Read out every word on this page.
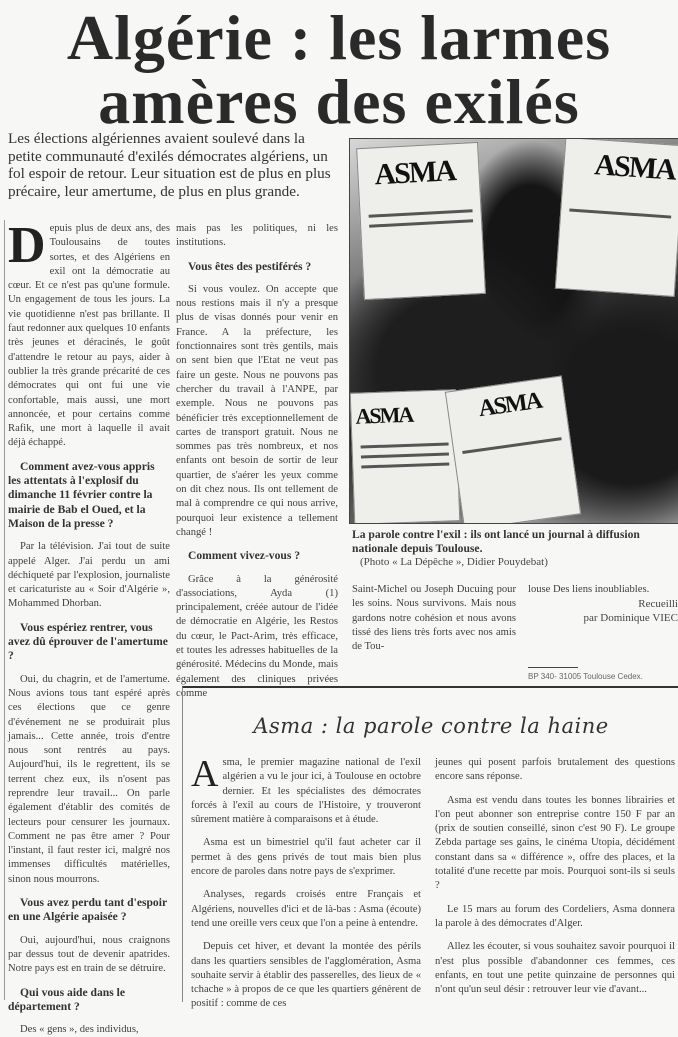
Algérie : les larmes
amères des exilés
Les élections algériennes avaient soulevé dans la petite communauté d'exilés démocrates algériens, un fol espoir de retour. Leur situation est de plus en plus précaire, leur amertume, de plus en plus grande.

Depuis plus de deux ans, des Toulousains de toutes sortes, et des Algériens en exil ont la démocratie au cœur. Et ce n'est pas qu'une formule. Un engagement de tous les jours. La vie quotidienne n'est pas brillante. Il faut redonner aux quelques 10 enfants très jeunes et déracinés, le goût d'attendre le retour au pays, aider à oublier la très grande précarité de ces démocrates qui ont fui une vie confortable, mais aussi, une mort annoncée, et pour certains comme Rafik, une mort à laquelle il avait déjà échappé.

Comment avez-vous appris les attentats à l'explosif du dimanche 11 février contre la mairie de Bab el Oued, et la Maison de la presse ?

Par la télévision. J'ai tout de suite appelé Alger. J'ai perdu un ami déchiqueté par l'explosion, journaliste et caricaturiste au « Soir d'Algérie », Mohammed Dhorban.

Vous espériez rentrer, vous avez dû éprouver de l'amertume ?

Oui, du chagrin, et de l'amertume. Nous avions tous tant espéré après ces élections que ce genre d'événement ne se produirait plus jamais... Cette année, trois d'entre nous sont rentrés au pays. Aujourd'hui, ils le regrettent, ils se terrent chez eux, ils n'osent pas reprendre leur travail... On parle également d'établir des comités de lecteurs pour censurer les journaux. Comment ne pas être amer ? Pour l'instant, il faut rester ici, malgré nos immenses difficultés matérielles, sinon nous mourrons.

Vous avez perdu tant d'espoir en une Algérie apaisée ?

Oui, aujourd'hui, nous craignons par dessus tout de devenir apatrides. Notre pays est en train de se détruire.

Qui vous aide dans le département ?

Des « gens », des individus,

mais pas les politiques, ni les institutions.

Vous êtes des pestiférés ?

Si vous voulez. On accepte que nous restions mais il n'y a presque plus de visas donnés pour venir en France. A la préfecture, les fonctionnaires sont très gentils, mais on sent bien que l'Etat ne veut pas faire un geste. Nous ne pouvons pas chercher du travail à l'ANPE, par exemple. Nous ne pouvons pas bénéficier très exceptionnellement de cartes de transport gratuit. Nous ne sommes pas très nombreux, et nos enfants ont besoin de sortir de leur quartier, de s'aérer les yeux comme on dit chez nous. Ils ont tellement de mal à comprendre ce qui nous arrive, pourquoi leur existence a tellement changé !

Comment vivez-vous ?

Grâce à la générosité d'associations, Ayda (1) principalement, créée autour de l'idée de démocratie en Algérie, les Restos du cœur, le Pact-Arim, très efficace, et toutes les adresses habituelles de la générosité. Médecins du Monde, mais également des cliniques privées comme

ASMA	ASMA
ASMA	ASMA
La parole contre l'exil : ils ont lancé un journal à diffusion nationale depuis Toulouse.
(Photo « La Dépêche », Didier Pouydebat)

Saint-Michel ou Joseph Ducuing pour les soins. Nous survivons. Mais nous gardons notre cohésion et nous avons tissé des liens très forts avec nos amis de Tou-

louse Des liens inoubliables.

Recueilli
par Dominique VIEC
BP 340- 31005 Toulouse Cedex.
Asma : la parole contre la haine

Asma, le premier magazine national de l'exil algérien a vu le jour ici, à Toulouse en octobre dernier. Et les spécialistes des démocrates forcés à l'exil au cours de l'Histoire, y trouveront sûrement matière à comparaisons et à étude.

Asma est un bimestriel qu'il faut acheter car il permet à des gens privés de tout mais bien plus encore de paroles dans notre pays de s'exprimer.

Analyses, regards croisés entre Français et Algériens, nouvelles d'ici et de là-bas : Asma (écoute) tend une oreille vers ceux que l'on a peine à entendre.

Depuis cet hiver, et devant la montée des périls dans les quartiers sensibles de l'agglomération, Asma souhaite servir à établir des passerelles, des lieux de « tchache » à propos de ce que les quartiers génèrent de positif : comme de ces

jeunes qui posent parfois brutalement des questions encore sans réponse.

Asma est vendu dans toutes les bonnes librairies et l'on peut abonner son entreprise contre 150 F par an (prix de soutien conseillé, sinon c'est 90 F). Le groupe Zebda partage ses gains, le cinéma Utopia, décidément constant dans sa « différence », offre des places, et la totalité d'une recette par mois. Pourquoi sont-ils si seuls ?

Le 15 mars au forum des Cordeliers, Asma donnera la parole à des démocrates d'Alger.

Allez les écouter, si vous souhaitez savoir pourquoi il n'est plus possible d'abandonner ces femmes, ces enfants, en tout une petite quinzaine de personnes qui n'ont qu'un seul désir : retrouver leur vie d'avant...
